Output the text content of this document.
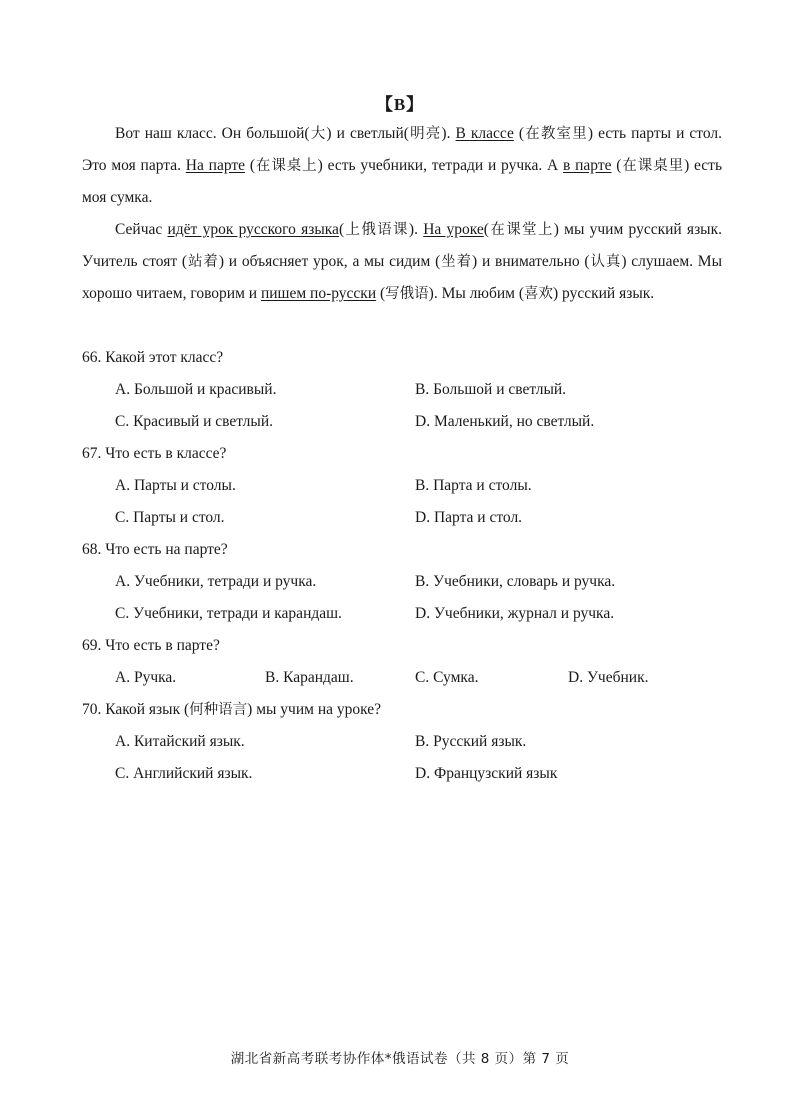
【B】

Вот наш класс. Он большой(大) и светлый(明亮). В классе (在教室里) есть парты и стол. Это моя парта. На парте (在课桌上) есть учебники, тетради и ручка. А в парте (在课桌里) есть моя сумка.

Сейчас идёт урок русского языка(上俄语课). На уроке(在课堂上) мы учим русский язык. Учитель стоят (站着) и объясняет урок, а мы сидим (坐着) и внимательно (认真) слушаем. Мы хорошо читаем, говорим и пишем по-русски (写俄语). Мы любим (喜欢) русский язык.

66. Какой этот класс?
A. Большой и красивый.	B. Большой и светлый.
C. Красивый и светлый.	D. Маленький, но светлый.
67. Что есть в классе?
A. Парты и столы.	B. Парта и столы.
C. Парты и стол.	D. Парта и стол.
68. Что есть на парте?
A. Учебники, тетради и ручка.	B. Учебники, словарь и ручка.
C. Учебники, тетради и карандаш.	D. Учебники, журнал и ручка.
69. Что есть в парте?
A. Ручка.	B. Карандаш.	C. Сумка.	D. Учебник.
70. Какой язык (何种语言) мы учим на уроке?
A. Китайский язык.	B. Русский язык.
C. Английский язык.	D. Французский язык
湖北省新高考联考协作体*俄语试卷（共 8 页）第 7 页
